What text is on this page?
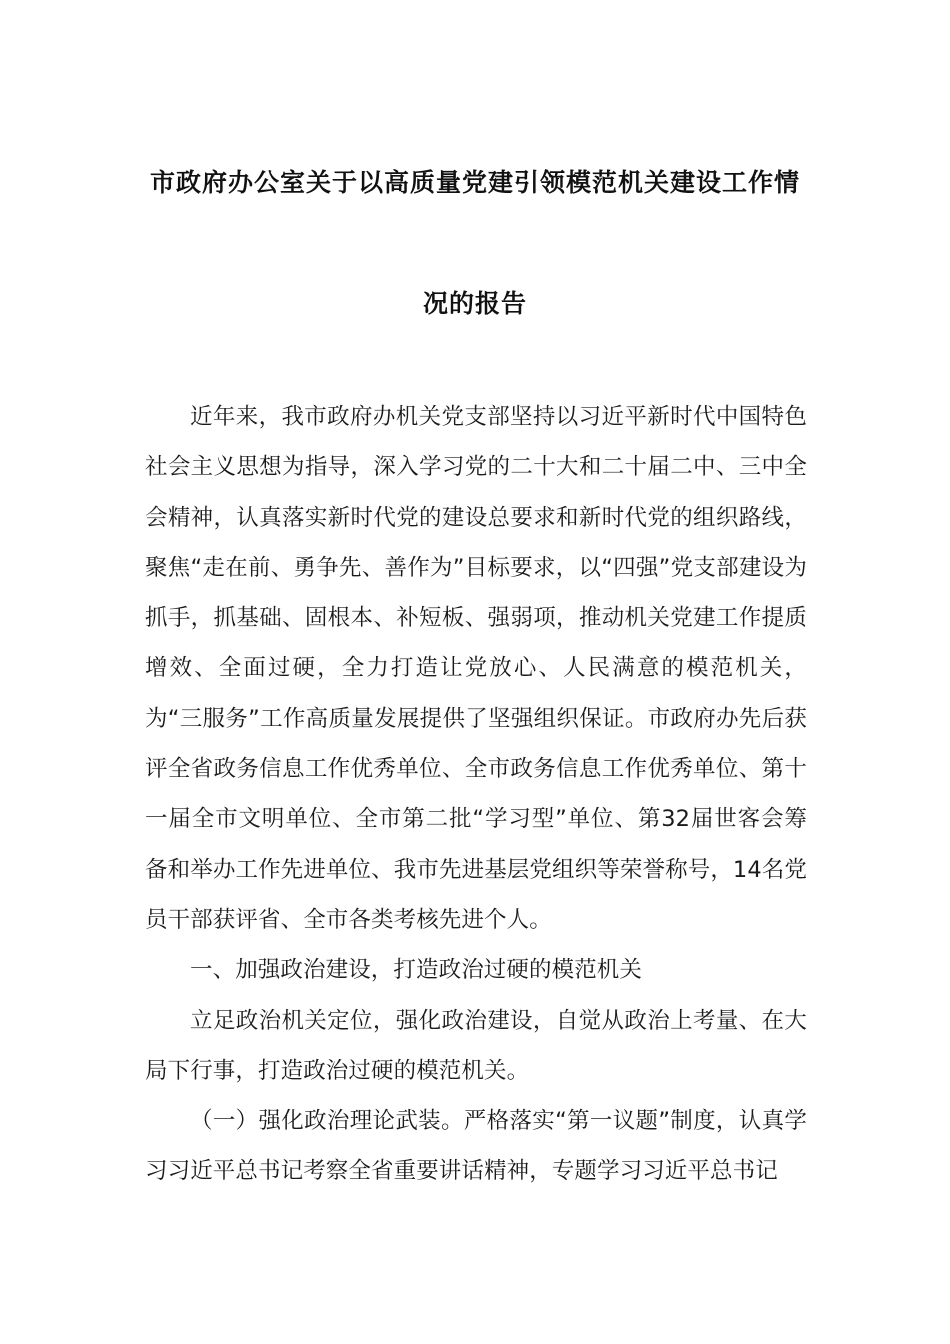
市政府办公室关于以高质量党建引领模范机关建设工作情
况的报告

近年来，我市政府办机关党支部坚持以习近平新时代中国特色社会主义思想为指导，深入学习党的二十大和二十届二中、三中全会精神，认真落实新时代党的建设总要求和新时代党的组织路线，聚焦“走在前、勇争先、善作为”目标要求，以“四强”党支部建设为抓手，抓基础、固根本、补短板、强弱项，推动机关党建工作提质增效、全面过硬，全力打造让党放心、人民满意的模范机关，为“三服务”工作高质量发展提供了坚强组织保证。市政府办先后获评全省政务信息工作优秀单位、全市政务信息工作优秀单位、第十一届全市文明单位、全市第二批“学习型”单位、第32届世客会筹备和举办工作先进单位、我市先进基层党组织等荣誉称号，14名党员干部获评省、全市各类考核先进个人。

一、加强政治建设，打造政治过硬的模范机关

立足政治机关定位，强化政治建设，自觉从政治上考量、在大局下行事，打造政治过硬的模范机关。

（一）强化政治理论武装。严格落实“第一议题”制度，认真学习习近平总书记考察全省重要讲话精神，专题学习习近平总书记
